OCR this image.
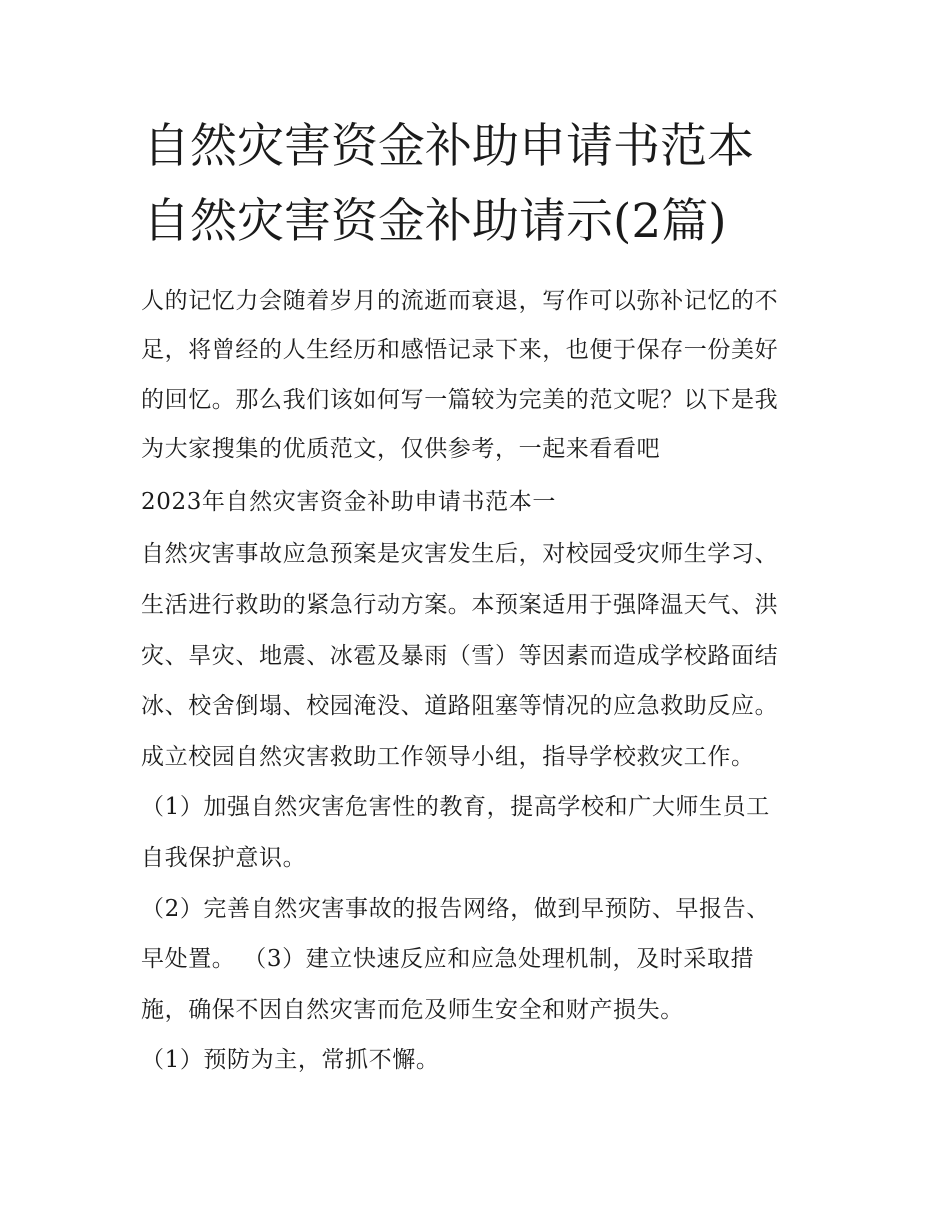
自然灾害资金补助申请书范本
自然灾害资金补助请示(2篇)
人的记忆力会随着岁月的流逝而衰退，写作可以弥补记忆的不
足，将曾经的人生经历和感悟记录下来，也便于保存一份美好
的回忆。那么我们该如何写一篇较为完美的范文呢？以下是我
为大家搜集的优质范文，仅供参考，一起来看看吧
2023年自然灾害资金补助申请书范本一
自然灾害事故应急预案是灾害发生后，对校园受灾师生学习、
生活进行救助的紧急行动方案。本预案适用于强降温天气、洪
灾、旱灾、地震、冰雹及暴雨（雪）等因素而造成学校路面结
冰、校舍倒塌、校园淹没、道路阻塞等情况的应急救助反应。
成立校园自然灾害救助工作领导小组，指导学校救灾工作。
（1）加强自然灾害危害性的教育，提高学校和广大师生员工
自我保护意识。
（2）完善自然灾害事故的报告网络，做到早预防、早报告、
早处置。 （3）建立快速反应和应急处理机制，及时采取措
施，确保不因自然灾害而危及师生安全和财产损失。
（1）预防为主，常抓不懈。
